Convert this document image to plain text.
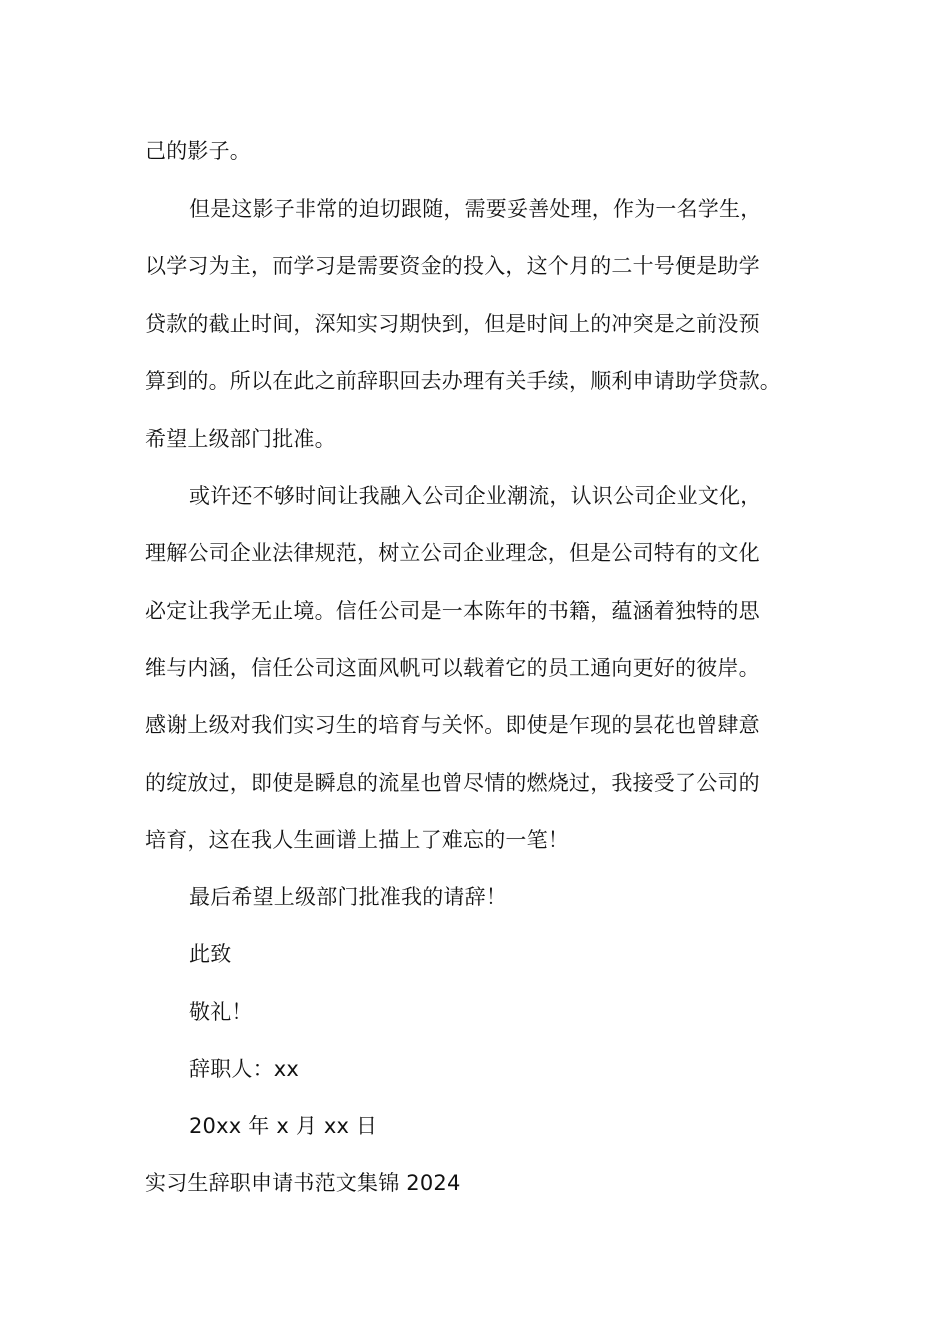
己的影子。
但是这影子非常的迫切跟随，需要妥善处理，作为一名学生，
以学习为主，而学习是需要资金的投入，这个月的二十号便是助学
贷款的截止时间，深知实习期快到，但是时间上的冲突是之前没预
算到的。所以在此之前辞职回去办理有关手续，顺利申请助学贷款。
希望上级部门批准。
或许还不够时间让我融入公司企业潮流，认识公司企业文化，
理解公司企业法律规范，树立公司企业理念，但是公司特有的文化
必定让我学无止境。信任公司是一本陈年的书籍，蕴涵着独特的思
维与内涵，信任公司这面风帆可以载着它的员工通向更好的彼岸。
感谢上级对我们实习生的培育与关怀。即使是乍现的昙花也曾肆意
的绽放过，即使是瞬息的流星也曾尽情的燃烧过，我接受了公司的
培育，这在我人生画谱上描上了难忘的一笔！
最后希望上级部门批准我的请辞！
此致
敬礼！
辞职人：xx
20xx 年 x 月 xx 日
实习生辞职申请书范文集锦 2024
